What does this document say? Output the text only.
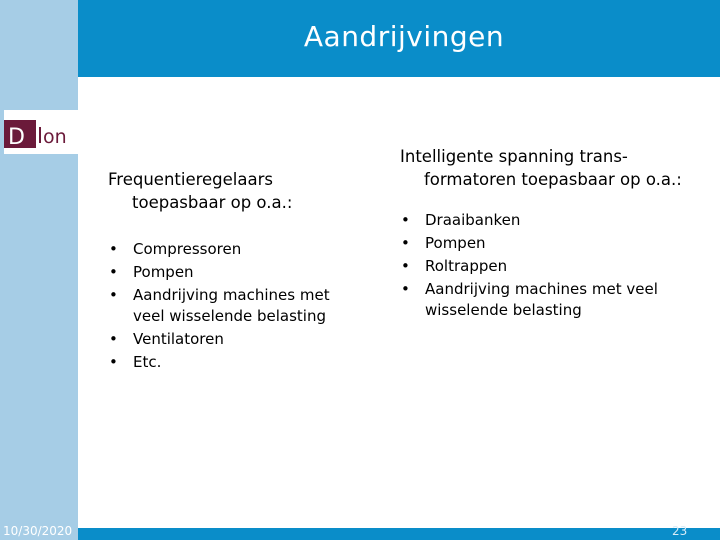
Aandrijvingen
D on

Frequentieregelaars toepasbaar op o.a.:

• Compressoren
• Pompen
• Aandrijving machines met veel wisselende belasting
• Ventilatoren
• Etc.

Intelligente spanning trans-formatoren toepasbaar op o.a.:

• Draaibanken
• Pompen
• Roltrappen
• Aandrijving machines met veel wisselende belasting
10/30/2020	23
